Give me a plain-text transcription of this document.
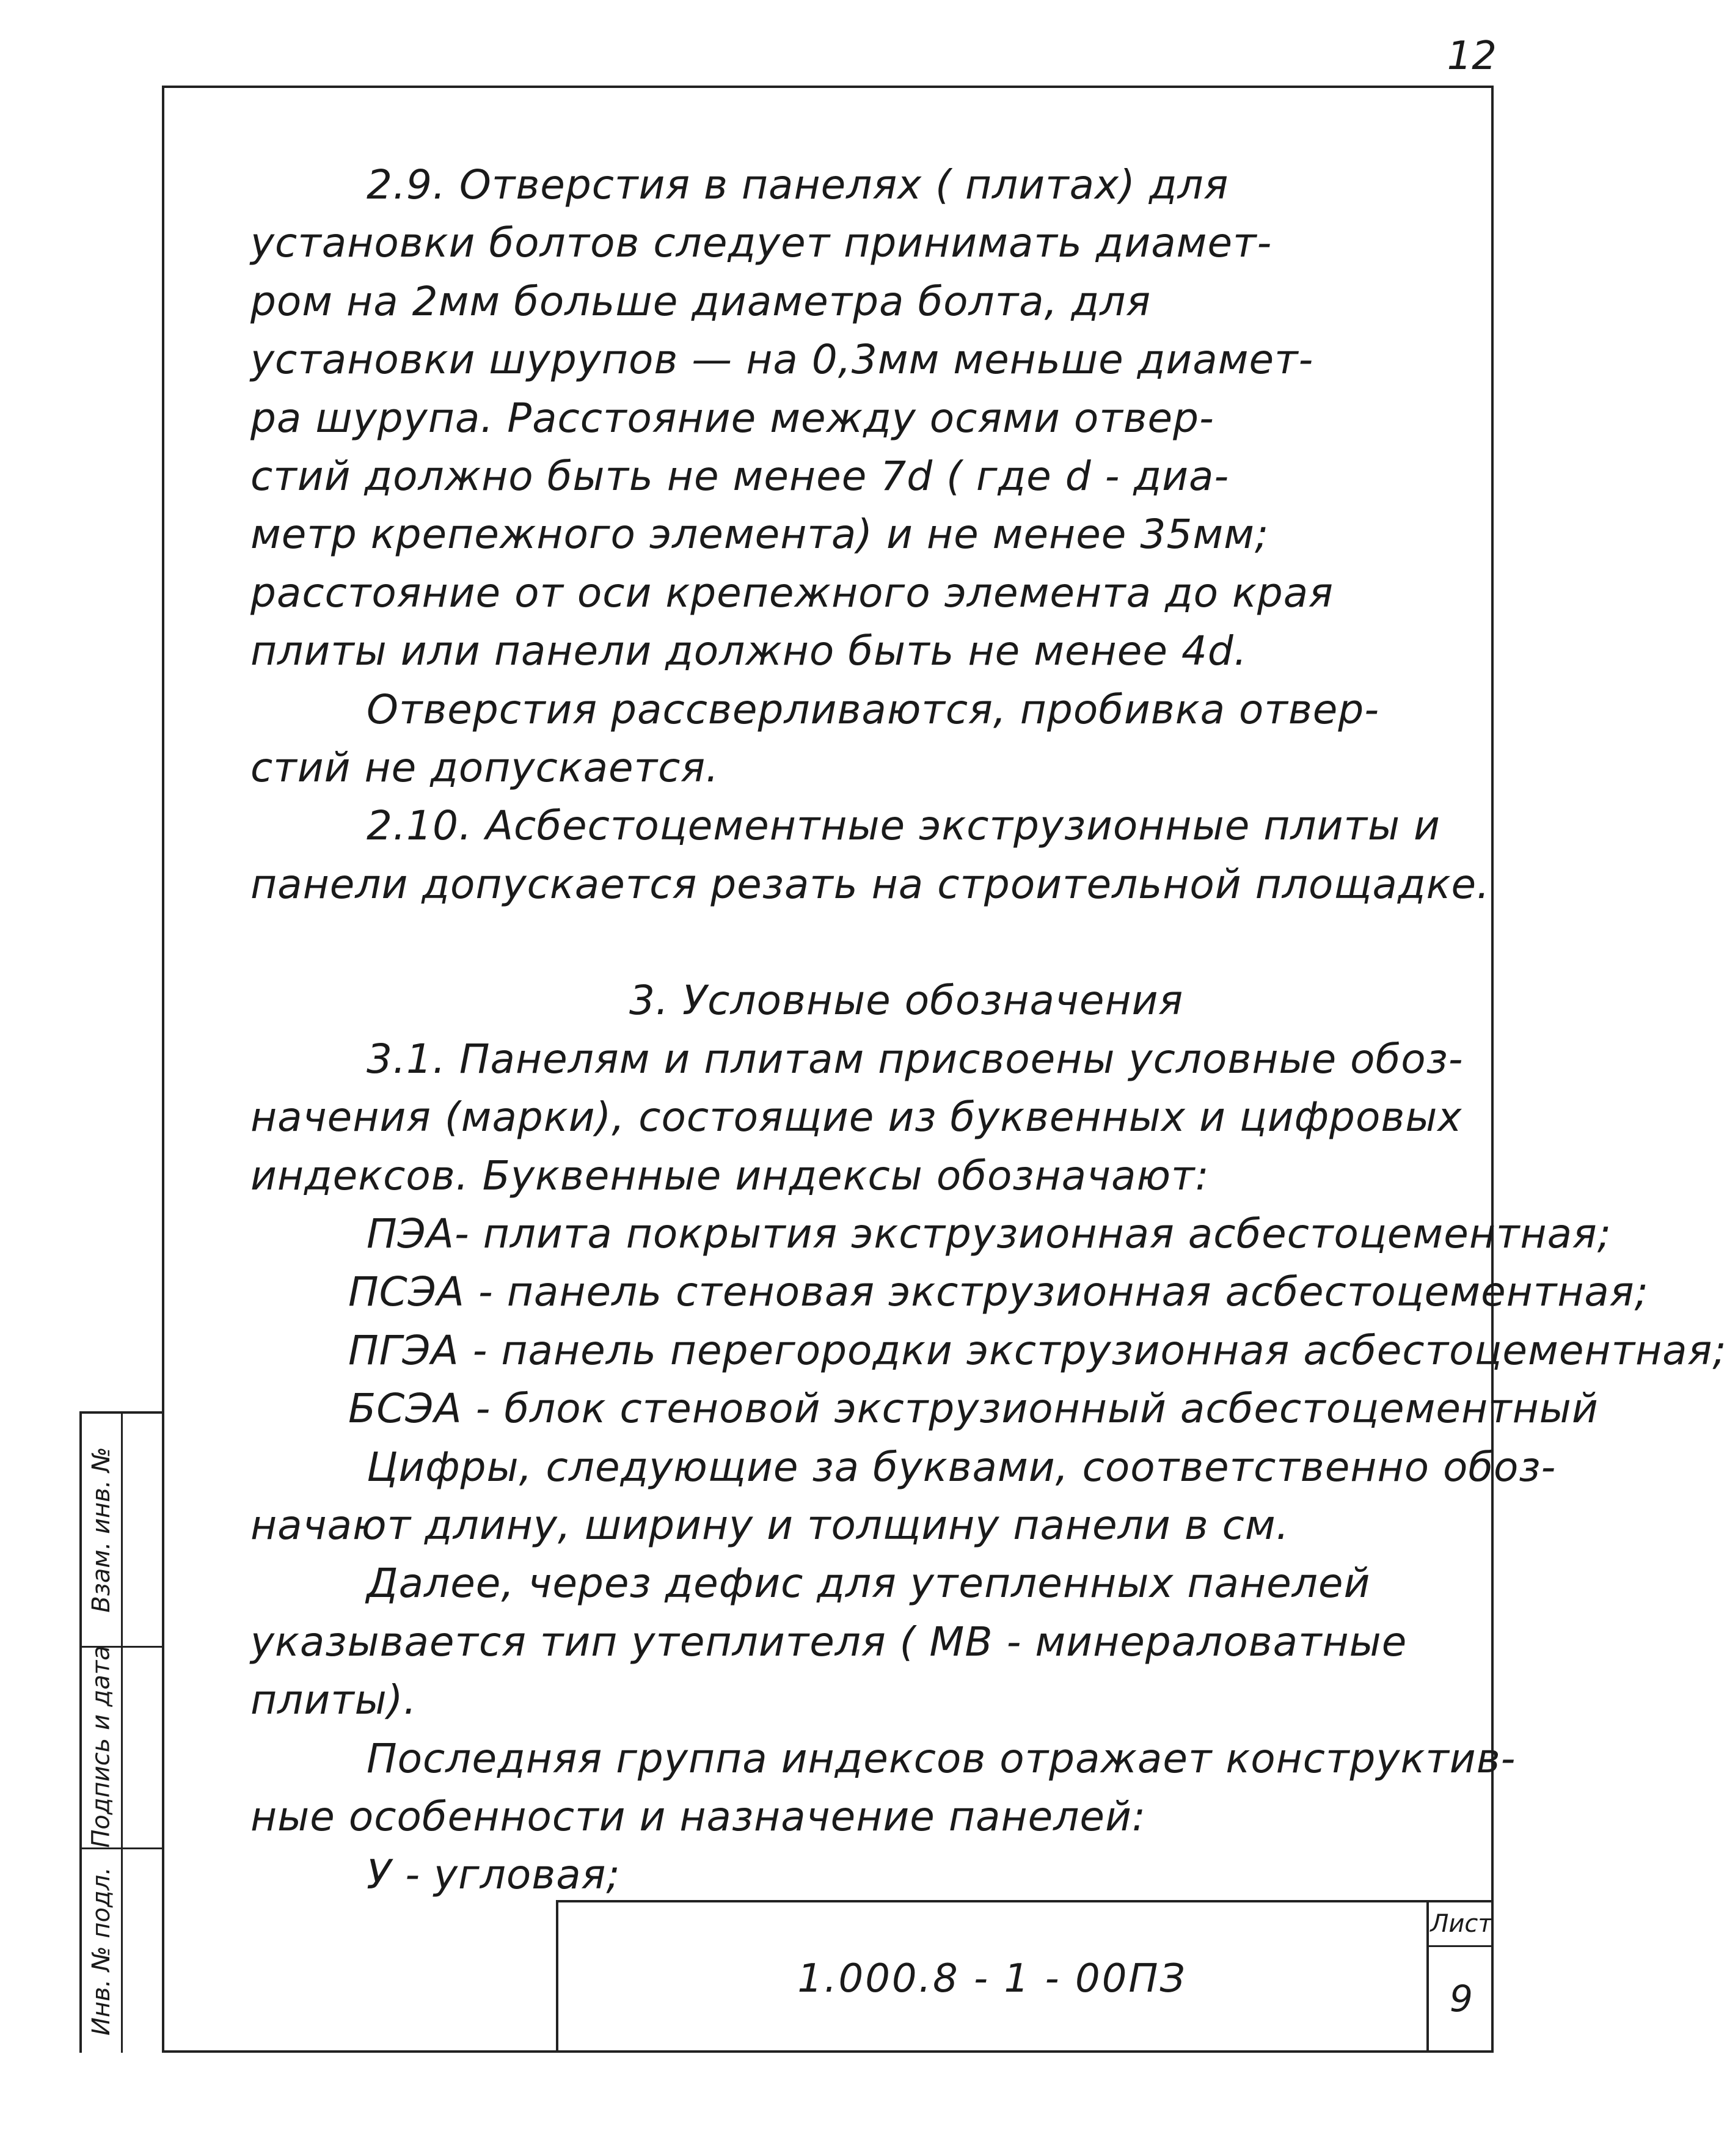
12
2.9. Отверстия в панелях ( плитах) для
установки болтов следует принимать диамет-
ром на 2мм больше диаметра болта, для
установки шурупов — на 0,3мм меньше диамет-
ра шурупа. Расстояние между осями отвер-
стий должно быть не менее 7d ( где d - диа-
метр крепежного элемента) и не менее 35мм;
расстояние от оси крепежного элемента до края
плиты или панели должно быть не менее 4d.
Отверстия рассверливаются, пробивка отвер-
стий не допускается.
2.10. Асбестоцементные экструзионные плиты и
панели допускается резать на строительной площадке.
3. Условные обозначения
3.1. Панелям и плитам присвоены условные обоз-
начения (марки), состоящие из буквенных и цифровых
индексов. Буквенные индексы обозначают:
ПЭА- плита покрытия экструзионная асбестоцементная;
ПСЭА - панель стеновая экструзионная асбестоцементная;
ПГЭА - панель перегородки экструзионная асбестоцементная;
БСЭА - блок стеновой экструзионный асбестоцементный
Цифры, следующие за буквами, соответственно обоз-
начают длину, ширину и толщину панели в см.
Далее, через дефис для утепленных панелей
указывается тип утеплителя ( МВ - минераловатные
плиты).
Последняя группа индексов отражает конструктив-
ные особенности и назначение панелей:
У - угловая;
Взам. инв. №
Подпись и дата
Инв. № подл.	1.000.8 - 1 - 00ПЗ
Лист
9
